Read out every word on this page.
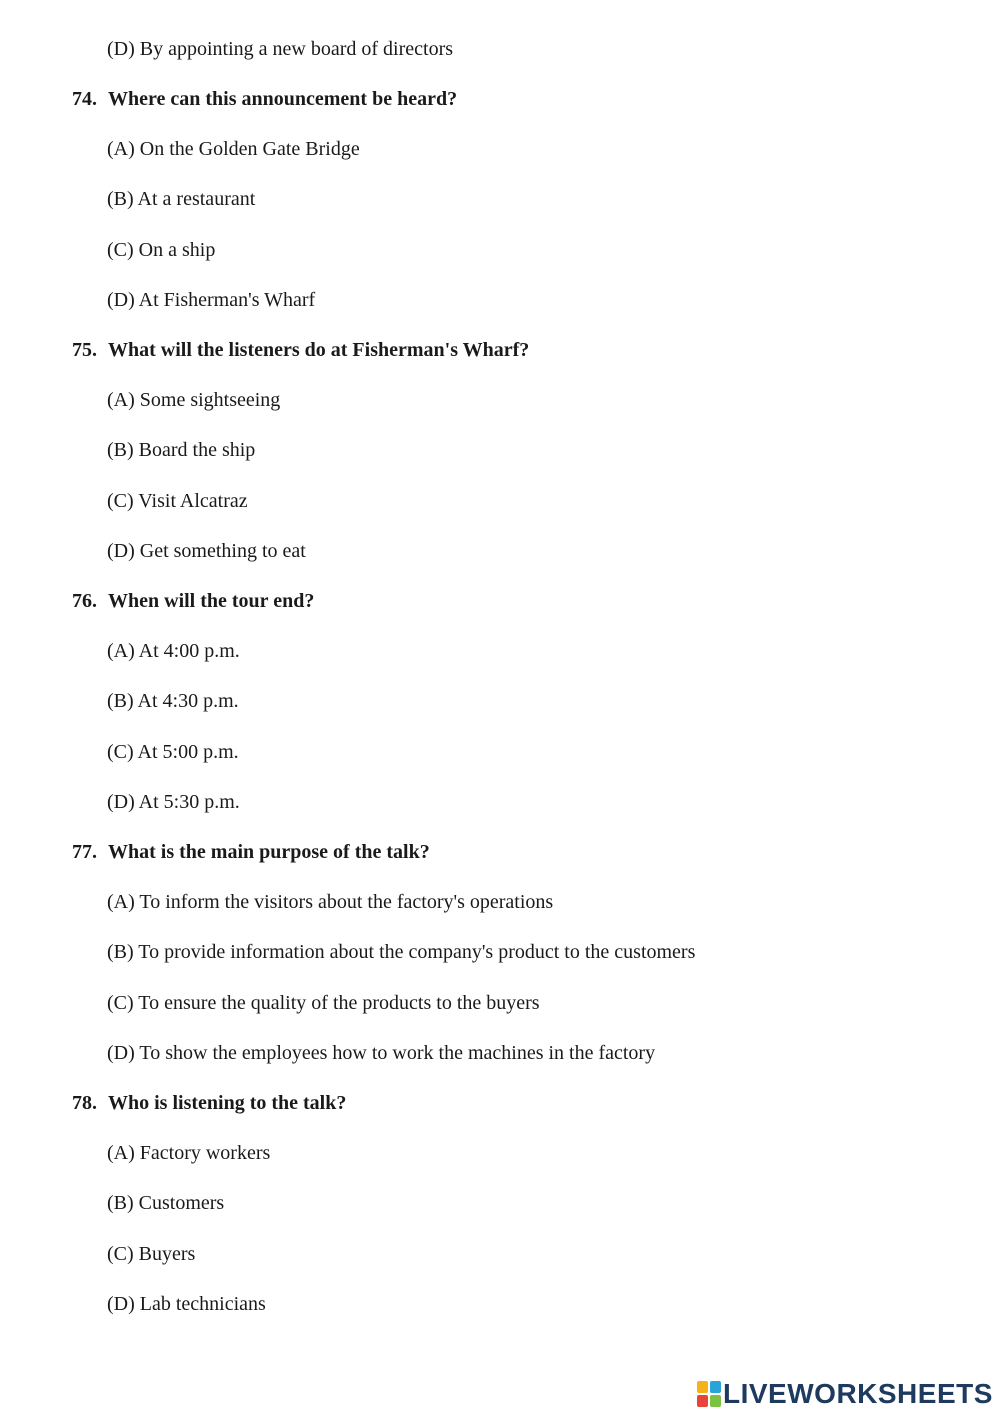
(D) By appointing a new board of directors
74. Where can this announcement be heard?
(A) On the Golden Gate Bridge
(B) At a restaurant
(C) On a ship
(D) At Fisherman's Wharf
75. What will the listeners do at Fisherman's Wharf?
(A) Some sightseeing
(B) Board the ship
(C) Visit Alcatraz
(D) Get something to eat
76. When will the tour end?
(A) At 4:00 p.m.
(B) At 4:30 p.m.
(C) At 5:00 p.m.
(D) At 5:30 p.m.
77. What is the main purpose of the talk?
(A) To inform the visitors about the factory's operations
(B) To provide information about the company's product to the customers
(C) To ensure the quality of the products to the buyers
(D) To show the employees how to work the machines in the factory
78. Who is listening to the talk?
(A) Factory workers
(B) Customers
(C) Buyers
(D) Lab technicians
LIVEWORKSHEETS
